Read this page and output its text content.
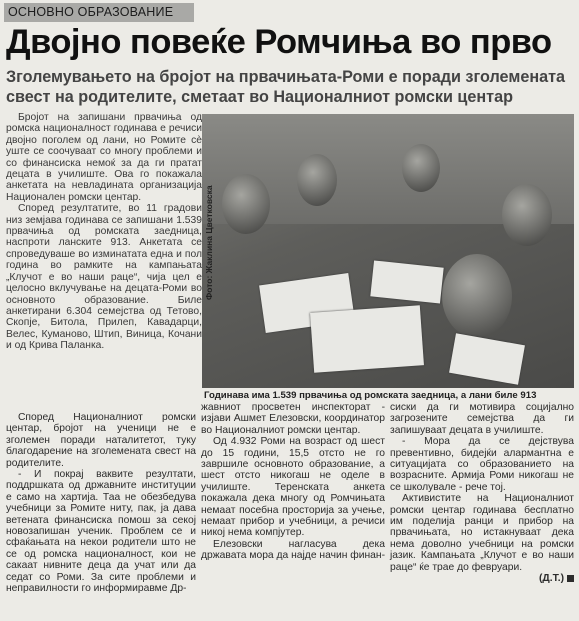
ОСНОВНО ОБРАЗОВАНИЕ
Двојно повеќе Ромчиња во прво
Зголемувањето на бројот на првачињата-Роми е поради зголемената свест на родителите, сметаат во Националниот ромски центар

Бројот на запишани првачиња од ромска националност годинава е речиси двојно поголем од лани, но Ромите сè уште се соочуваат со многу проблеми и со финансиска немоќ за да ги пратат децата в училиште. Ова го покажала анкетата на невладината организација Национален ромски центар.

Според резултатите, во 11 градови низ земјава годинава се запишани 1.539 првачиња од ромската заедница, наспроти ланските 913. Анкетата се спроведуваше во изминатата една и пол година во рамките на кампањата „Клучот е во наши раце“, чија цел е целосно вклучување на децата-Роми во основното образование. Биле анкетирани 6.304 семејства од Тетово, Скопје, Битола, Прилеп, Кавадарци, Велес, Куманово, Штип, Виница, Кочани и од Крива Паланка.

Фото: Жаклина Цветковска
Годинава има 1.539 првачиња од ромската заедница, а лани биле 913

Според Националниот ромски центар, бројот на ученици не е зголемен поради наталитетот, туку благодарение на зголемената свест на родителите.

- И покрај ваквите резултати, поддршката од државните институции е само на хартија. Таа не обезбедува учебници за Ромите ниту, пак, ја дава ветената финансиска помош за секој новозапишан ученик. Проблем се и сфаќањата на некои родители што не се од ромска националност, кои не сакаат нивните деца да учат или да седат со Роми. За сите проблеми и неправилности го информиравме Др-

жавниот просветен инспекторат - изјави Ашмет Елезовски, координатор во Националниот ромски центар.

Од 4.932 Роми на возраст од шест до 15 години, 15,5 отсто не го завршиле основното образование, а шест отсто никогаш не оделе в училиште. Теренската анкета покажала дека многу од Ромчињата немаат посебна просторија за учење, немаат прибор и учебници, а речиси никој нема компјутер.

Елезовски нагласува дека државата мора да најде начин финан-

сиски да ги мотивира социјално загрозените семејства да ги запишуваат децата в училиште.

- Мора да се дејствува превентивно, бидејќи алармантна е ситуацијата со образованието на возрасните. Армија Роми никогаш не се школувале - рече тој.

Активистите на Националниот ромски центар годинава бесплатно им поделија ранци и прибор на првачињата, но истакнуваат дека нема доволно учебници на ромски јазик. Кампањата „Клучот е во наши раце“ ќе трае до февруари.

(Д.Т.)
